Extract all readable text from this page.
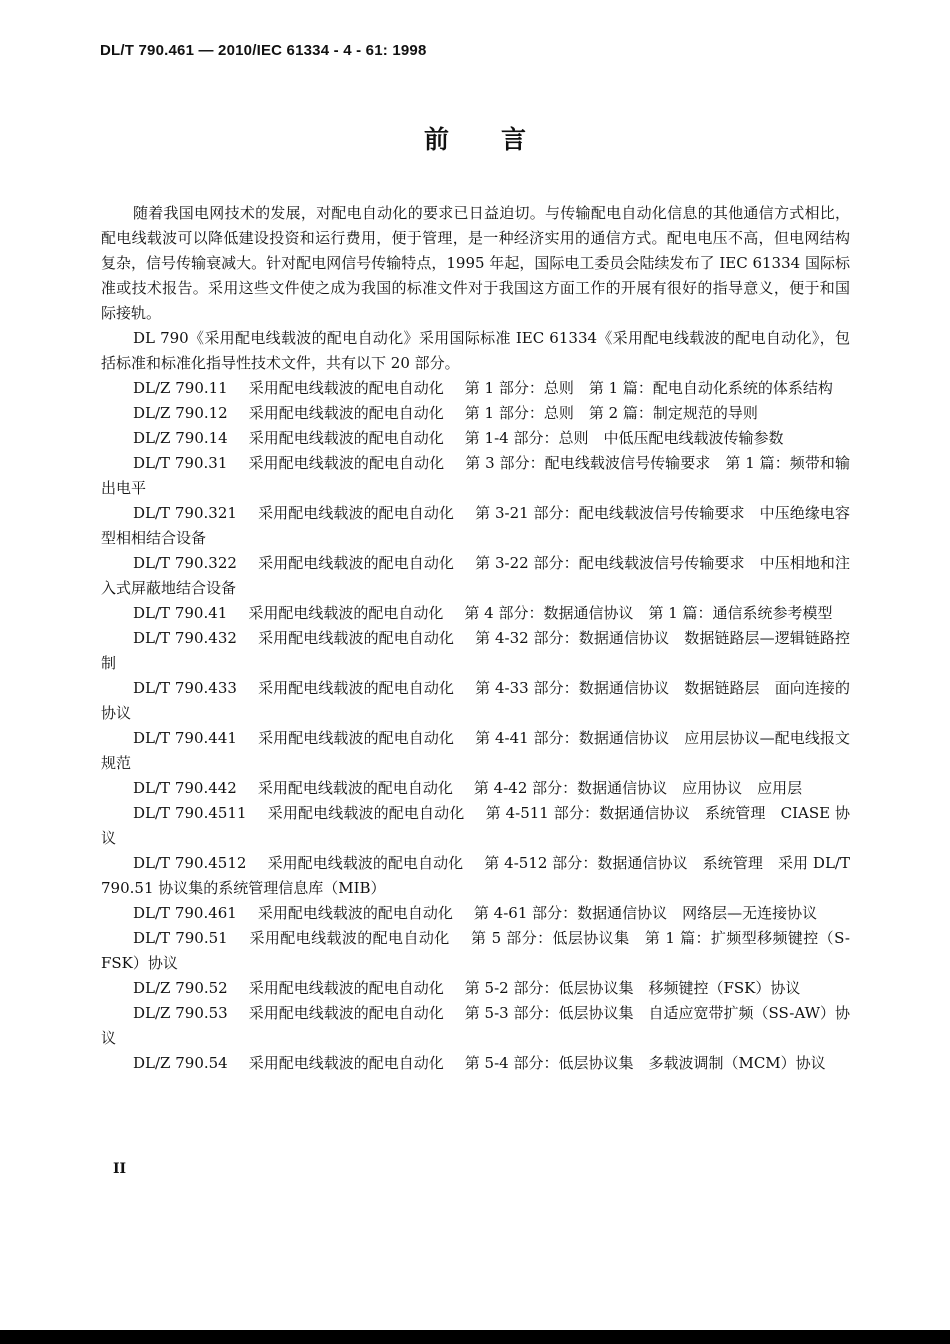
DL/T 790.461 — 2010/IEC 61334 - 4 - 61: 1998
前言

随着我国电网技术的发展，对配电自动化的要求已日益迫切。与传输配电自动化信息的其他通信方式相比，配电线载波可以降低建设投资和运行费用，便于管理，是一种经济实用的通信方式。配电电压不高，但电网结构复杂，信号传输衰减大。针对配电网信号传输特点，1995 年起，国际电工委员会陆续发布了 IEC 61334 国际标准或技术报告。采用这些文件使之成为我国的标准文件对于我国这方面工作的开展有很好的指导意义，便于和国际接轨。

DL 790《采用配电线载波的配电自动化》采用国际标准 IEC 61334《采用配电线载波的配电自动化》，包括标准和标准化指导性技术文件，共有以下 20 部分。

DL/Z 790.11　 采用配电线载波的配电自动化　 第 1 部分：总则　第 1 篇：配电自动化系统的体系结构

DL/Z 790.12　 采用配电线载波的配电自动化　 第 1 部分：总则　第 2 篇：制定规范的导则

DL/Z 790.14　 采用配电线载波的配电自动化　 第 1-4 部分：总则　中低压配电线载波传输参数

DL/T 790.31　 采用配电线载波的配电自动化　 第 3 部分：配电线载波信号传输要求　第 1 篇：频带和输出电平

DL/T 790.321　 采用配电线载波的配电自动化　 第 3-21 部分：配电线载波信号传输要求　中压绝缘电容型相相结合设备

DL/T 790.322　 采用配电线载波的配电自动化　 第 3-22 部分：配电线载波信号传输要求　中压相地和注入式屏蔽地结合设备

DL/T 790.41　 采用配电线载波的配电自动化　 第 4 部分：数据通信协议　第 1 篇：通信系统参考模型

DL/T 790.432　 采用配电线载波的配电自动化　 第 4-32 部分：数据通信协议　数据链路层—逻辑链路控制

DL/T 790.433　 采用配电线载波的配电自动化　 第 4-33 部分：数据通信协议　数据链路层　面向连接的协议

DL/T 790.441　 采用配电线载波的配电自动化　 第 4-41 部分：数据通信协议　应用层协议—配电线报文规范

DL/T 790.442　 采用配电线载波的配电自动化　 第 4-42 部分：数据通信协议　应用协议　应用层

DL/T 790.4511　 采用配电线载波的配电自动化　 第 4-511 部分：数据通信协议　系统管理　CIASE 协议

DL/T 790.4512　 采用配电线载波的配电自动化　 第 4-512 部分：数据通信协议　系统管理　采用 DL/T 790.51 协议集的系统管理信息库（MIB）

DL/T 790.461　 采用配电线载波的配电自动化　 第 4-61 部分：数据通信协议　网络层—无连接协议

DL/T 790.51　 采用配电线载波的配电自动化　 第 5 部分：低层协议集　第 1 篇：扩频型移频键控（S-FSK）协议

DL/Z 790.52　 采用配电线载波的配电自动化　 第 5-2 部分：低层协议集　移频键控（FSK）协议

DL/Z 790.53　 采用配电线载波的配电自动化　 第 5-3 部分：低层协议集　自适应宽带扩频（SS-AW）协议

DL/Z 790.54　 采用配电线载波的配电自动化　 第 5-4 部分：低层协议集　多载波调制（MCM）协议

II
